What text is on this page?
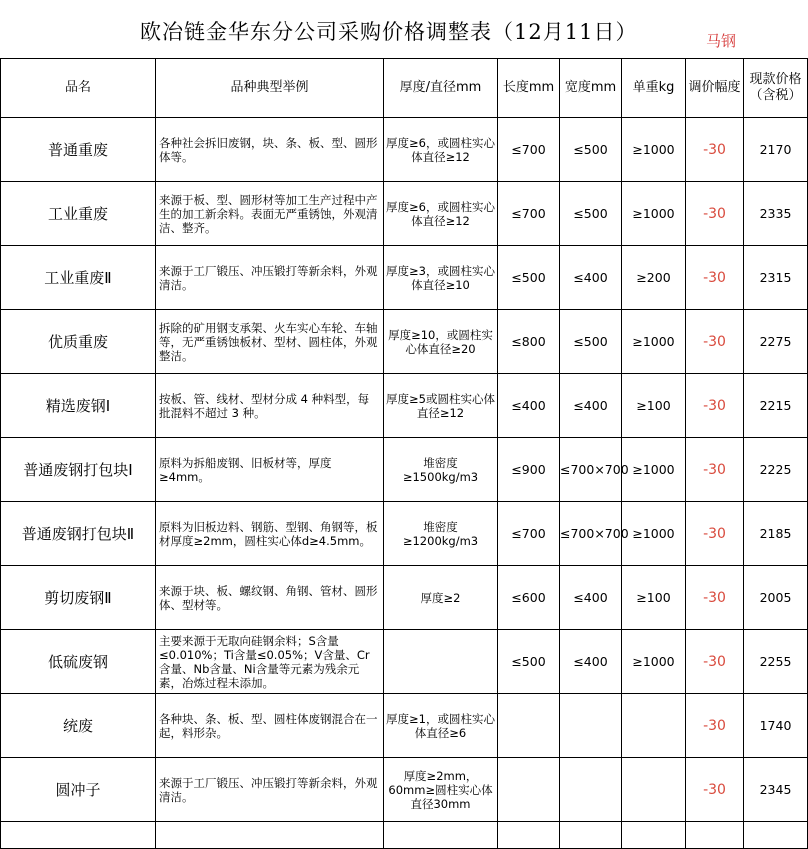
欧冶链金华东分公司采购价格调整表（12月11日）	马钢
品名	品种典型举例	厚度/直径mm	长度mm	宽度mm	单重kg	调价幅度	现款价格（含税）
普通重废	各种社会拆旧废钢，块、条、板、型、圆形体等。	厚度≥6，或圆柱实心体直径≥12	≤700	≤500	≥1000	-30	2170
工业重废	来源于板、型、圆形材等加工生产过程中产生的加工新余料。表面无严重锈蚀，外观清洁、整齐。	厚度≥6，或圆柱实心体直径≥12	≤700	≤500	≥1000	-30	2335
工业重废Ⅱ	来源于工厂锻压、冲压锻打等新余料，外观清洁。	厚度≥3，或圆柱实心体直径≥10	≤500	≤400	≥200	-30	2315
优质重废	拆除的矿用钢支承架、火车实心车轮、车轴等，无严重锈蚀板材、型材、圆柱体，外观整洁。	厚度≥10，或圆柱实心体直径≥20	≤800	≤500	≥1000	-30	2275
精选废钢Ⅰ	按板、管、线材、型材分成 4 种料型，每批混料不超过 3 种。	厚度≥5或圆柱实心体直径≥12	≤400	≤400	≥100	-30	2215
普通废钢打包块Ⅰ	原料为拆船废钢、旧板材等，厚度≥4mm。	堆密度≥1500kg/m3	≤900	≤700×700	≥1000	-30	2225
普通废钢打包块Ⅱ	原料为旧板边料、钢筋、型钢、角钢等，板材厚度≥2mm，圆柱实心体d≥4.5mm。	堆密度≥1200kg/m3	≤700	≤700×700	≥1000	-30	2185
剪切废钢Ⅱ	来源于块、板、螺纹钢、角钢、管材、圆形体、型材等。	厚度≥2	≤600	≤400	≥100	-30	2005
低硫废钢	主要来源于无取向硅钢余料；S含量≤0.010%；Ti含量≤0.05%；V含量、Cr含量、Nb含量、Ni含量等元素为残余元素，冶炼过程未添加。		≤500	≤400	≥1000	-30	2255
统废	各种块、条、板、型、圆柱体废钢混合在一起，料形杂。	厚度≥1，或圆柱实心体直径≥6				-30	1740
圆冲子	来源于工厂锻压、冲压锻打等新余料，外观清洁。	厚度≥2mm，60mm≥圆柱实心体直径30mm				-30	2345
